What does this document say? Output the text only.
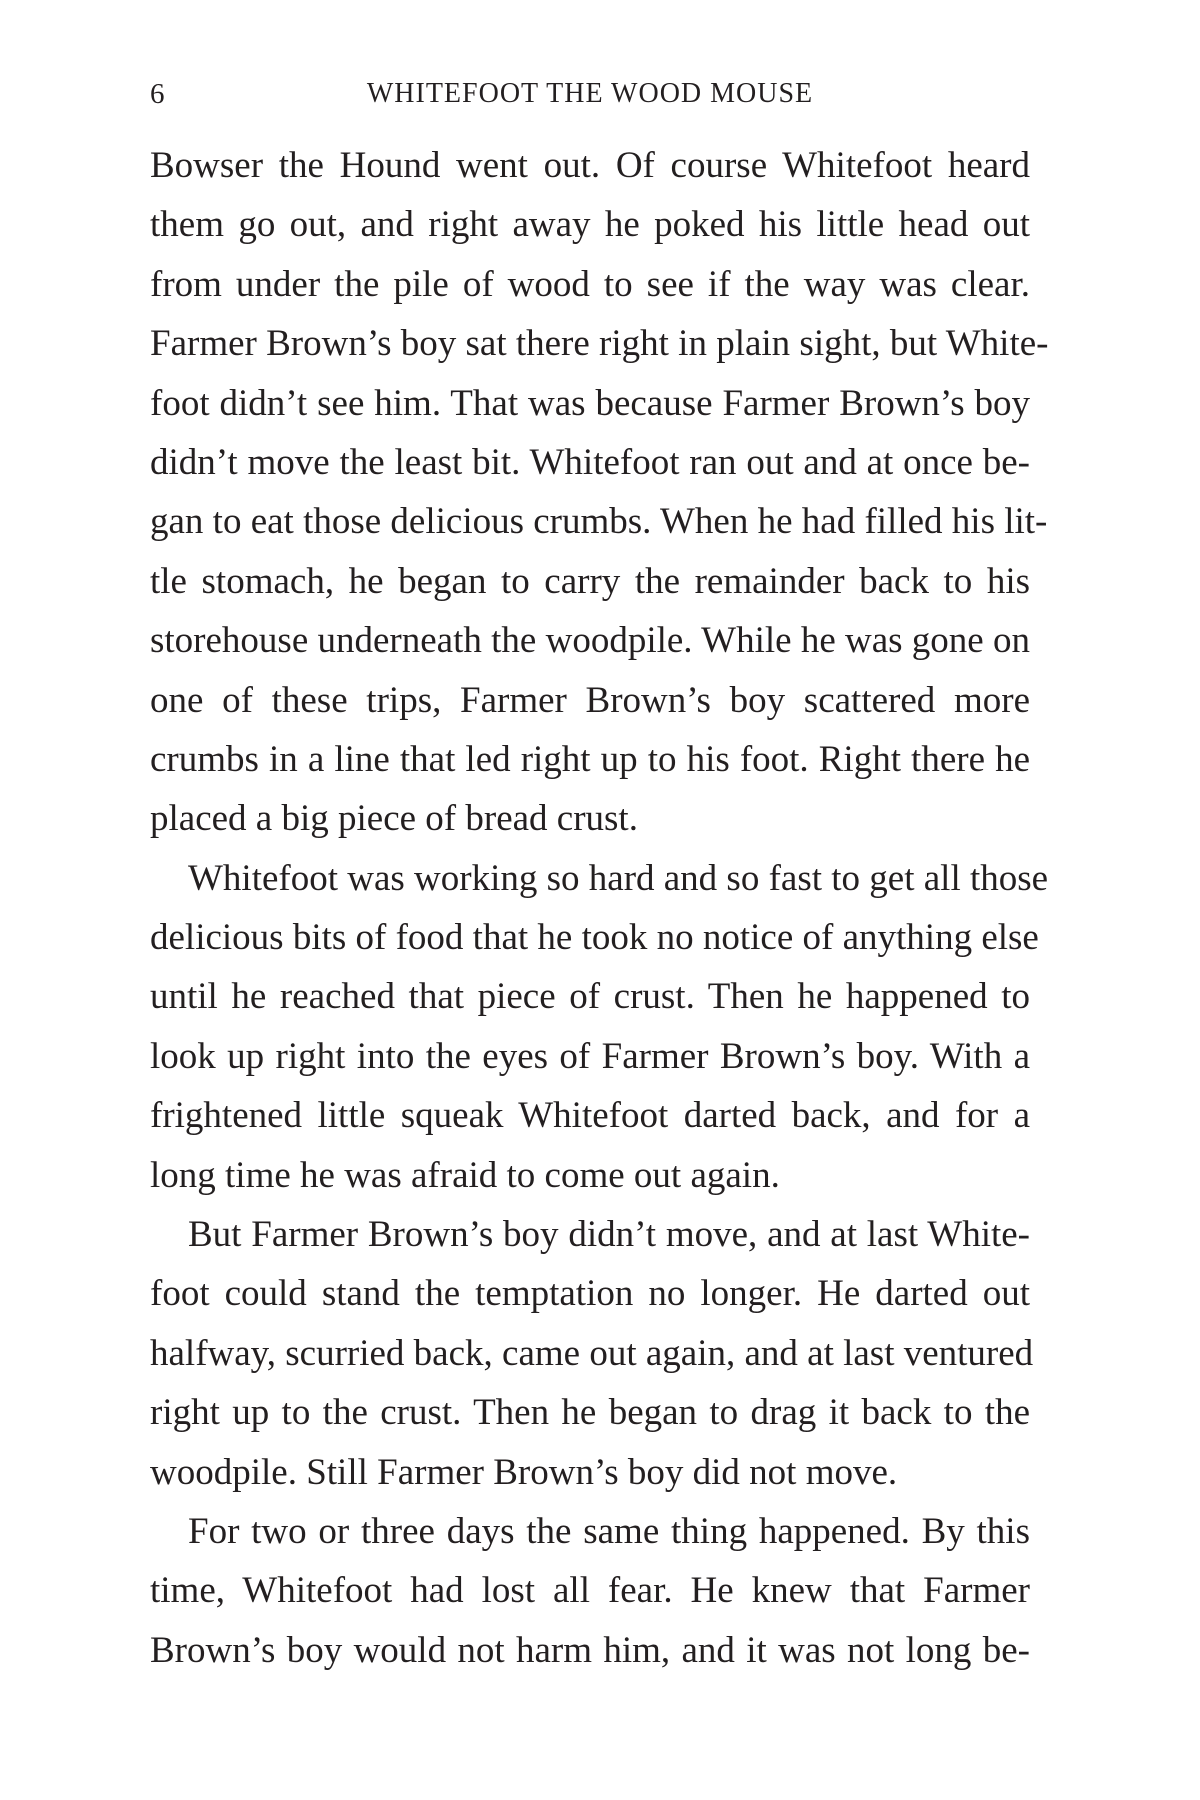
6	WHITEFOOT THE WOOD MOUSE
Bowser the Hound went out. Of course Whitefoot heard
them go out, and right away he poked his little head out
from under the pile of wood to see if the way was clear.
Farmer Brown’s boy sat there right in plain sight, but White-
foot didn’t see him. That was because Farmer Brown’s boy
didn’t move the least bit. Whitefoot ran out and at once be-
gan to eat those delicious crumbs. When he had filled his lit-
tle stomach, he began to carry the remainder back to his
storehouse underneath the woodpile. While he was gone on
one of these trips, Farmer Brown’s boy scattered more
crumbs in a line that led right up to his foot. Right there he
placed a big piece of bread crust.
Whitefoot was working so hard and so fast to get all those
delicious bits of food that he took no notice of anything else
until he reached that piece of crust. Then he happened to
look up right into the eyes of Farmer Brown’s boy. With a
frightened little squeak Whitefoot darted back, and for a
long time he was afraid to come out again.
But Farmer Brown’s boy didn’t move, and at last White-
foot could stand the temptation no longer. He darted out
halfway, scurried back, came out again, and at last ventured
right up to the crust. Then he began to drag it back to the
woodpile. Still Farmer Brown’s boy did not move.
For two or three days the same thing happened. By this
time, Whitefoot had lost all fear. He knew that Farmer
Brown’s boy would not harm him, and it was not long be-
